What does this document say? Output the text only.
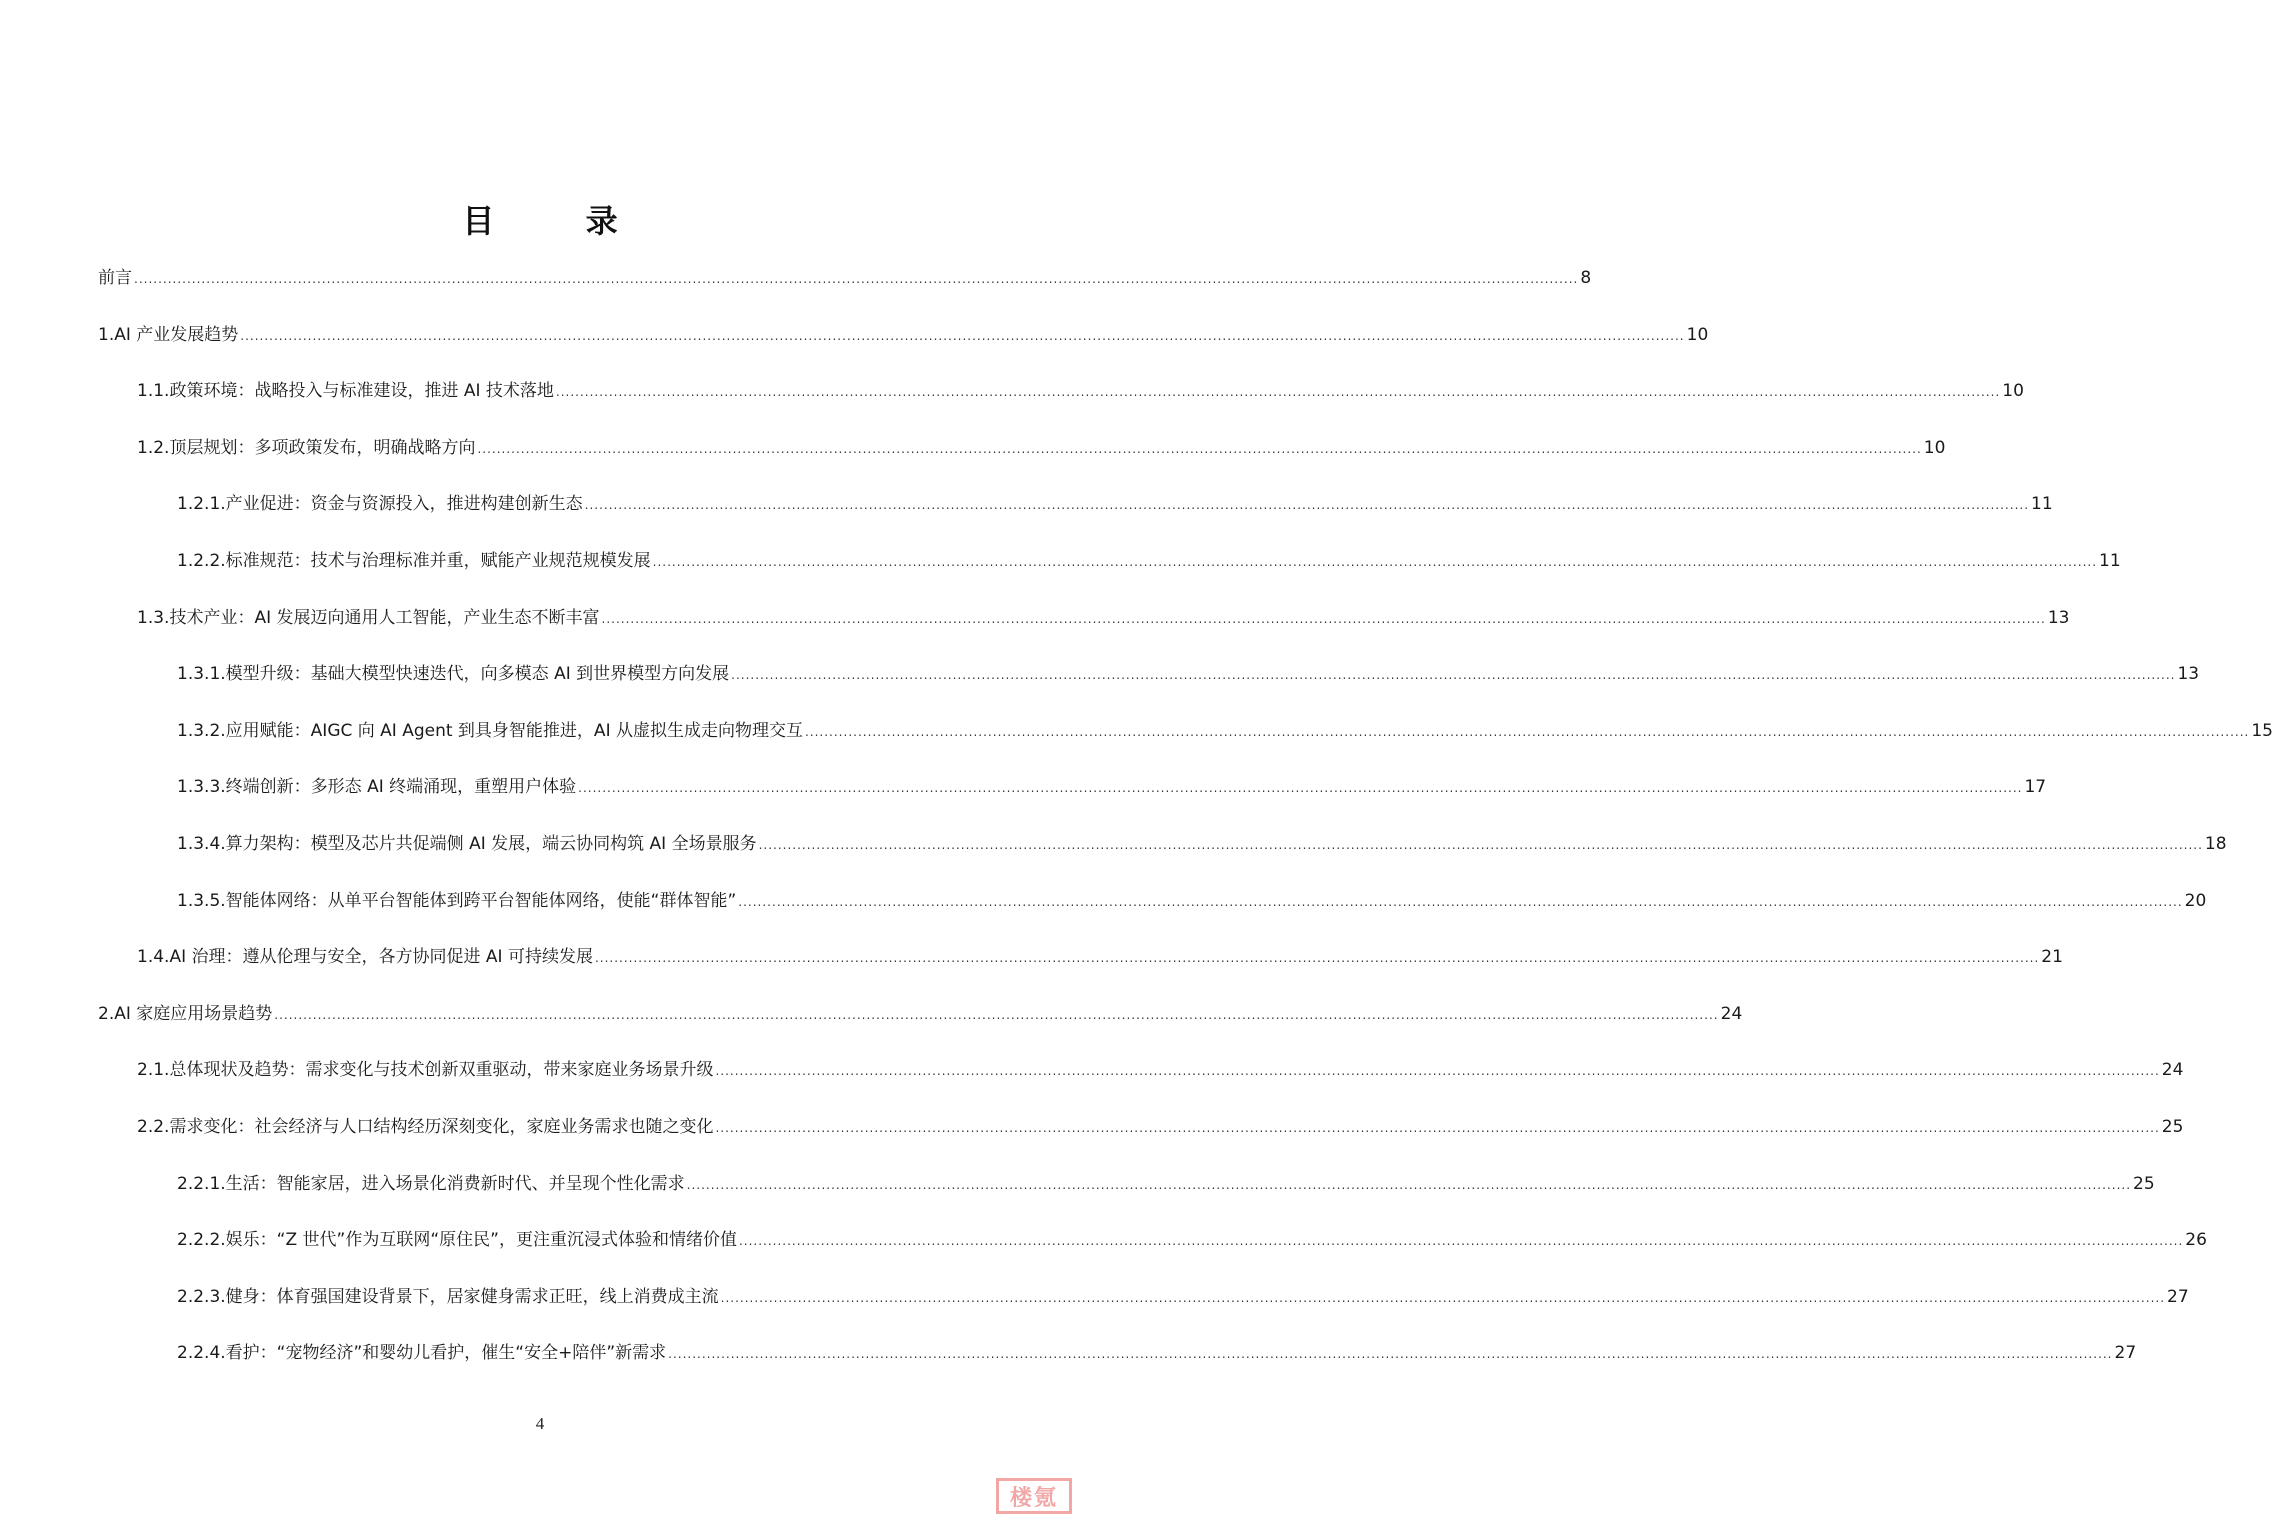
目 录
前 言 ............................................................................................................................................................................................................................................................................................................ 8
1. AI 产业发展趋势 ............................................................................................................................................................................................................................................................................................................ 10
1.1. 政策环境：战略投入与标准建设，推进 AI 技术落地 ............................................................................................................................................................................................................................................................................................................ 10
1.2. 顶层规划：多项政策发布，明确战略方向 ............................................................................................................................................................................................................................................................................................................ 10
1.2.1. 产业促进：资金与资源投入，推进构建创新生态 ............................................................................................................................................................................................................................................................................................................ 11
1.2.2. 标准规范：技术与治理标准并重，赋能产业规范规模发展 ............................................................................................................................................................................................................................................................................................................ 11
1.3. 技术产业：AI 发展迈向通用人工智能，产业生态不断丰富 ............................................................................................................................................................................................................................................................................................................ 13
1.3.1. 模型升级：基础大模型快速迭代，向多模态 AI 到世界模型方向发展 ............................................................................................................................................................................................................................................................................................................ 13
1.3.2. 应用赋能：AIGC 向 AI Agent 到具身智能推进，AI 从虚拟生成走向物理交互 ............................................................................................................................................................................................................................................................................................................ 15
1.3.3. 终端创新：多形态 AI 终端涌现，重塑用户体验 ............................................................................................................................................................................................................................................................................................................ 17
1.3.4. 算力架构：模型及芯片共促端侧 AI 发展，端云协同构筑 AI 全场景服务 ............................................................................................................................................................................................................................................................................................................ 18
1.3.5. 智能体网络：从单平台智能体到跨平台智能体网络，使能“群体智能” ............................................................................................................................................................................................................................................................................................................ 20
1.4. AI 治理：遵从伦理与安全，各方协同促进 AI 可持续发展 ............................................................................................................................................................................................................................................................................................................ 21
2. AI 家庭应用场景趋势 ............................................................................................................................................................................................................................................................................................................ 24
2.1. 总体现状及趋势：需求变化与技术创新双重驱动，带来家庭业务场景升级 ............................................................................................................................................................................................................................................................................................................ 24
2.2. 需求变化：社会经济与人口结构经历深刻变化，家庭业务需求也随之变化 ............................................................................................................................................................................................................................................................................................................ 25
2.2.1. 生活：智能家居，进入场景化消费新时代、并呈现个性化需求 ............................................................................................................................................................................................................................................................................................................ 25
2.2.2. 娱乐：“Z 世代”作为互联网“原住民”，更注重沉浸式体验和情绪价值 ............................................................................................................................................................................................................................................................................................................ 26
2.2.3. 健身：体育强国建设背景下，居家健身需求正旺，线上消费成主流 ............................................................................................................................................................................................................................................................................................................ 27
2.2.4. 看护：“宠物经济”和婴幼儿看护，催生“安全+陪伴”新需求 ............................................................................................................................................................................................................................................................................................................ 27
4
楼氪
